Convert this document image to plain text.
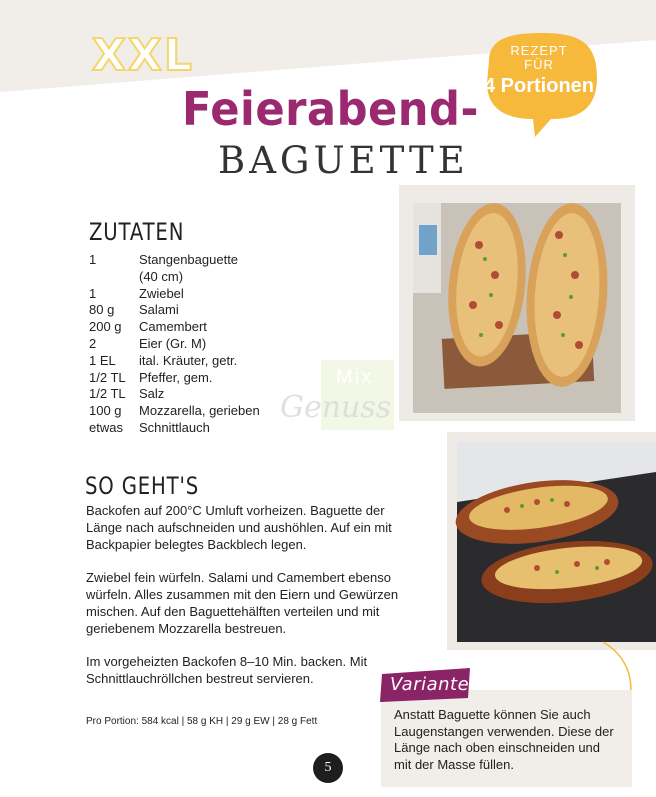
XXL
Feierabend-
BAGUETTE
REZEPT
FÜR
4 Portionen
ZUTATEN
1	Stangenbaguette
(40 cm)
1	Zwiebel
80 g	Salami
200 g	Camembert
2	Eier (Gr. M)
1 EL	ital. Kräuter, getr.
1/2 TL	Pfeffer, gem.
1/2 TL	Salz
100 g	Mozzarella, gerieben
etwas	Schnittlauch
Mix
Genuss
SO GEHT'S

Backofen auf 200°C Umluft vorheizen. Baguette der Länge nach aufschneiden und aushöhlen. Auf ein mit Backpapier belegtes Backblech legen.

Zwiebel fein würfeln. Salami und Camembert ebenso würfeln. Alles zusammen mit den Eiern und Gewürzen mischen. Auf den Baguettehälften verteilen und mit geriebenem Mozzarella bestreuen.

Im vorgeheizten Backofen 8–10 Min. backen. Mit Schnittlauchröllchen bestreut servieren.

Pro Portion: 584 kcal | 58 g KH | 29 g EW | 28 g Fett
Variante:
Anstatt Baguette können Sie auch Laugenstangen verwenden. Diese der Länge nach oben einschneiden und mit der Masse füllen.
5
